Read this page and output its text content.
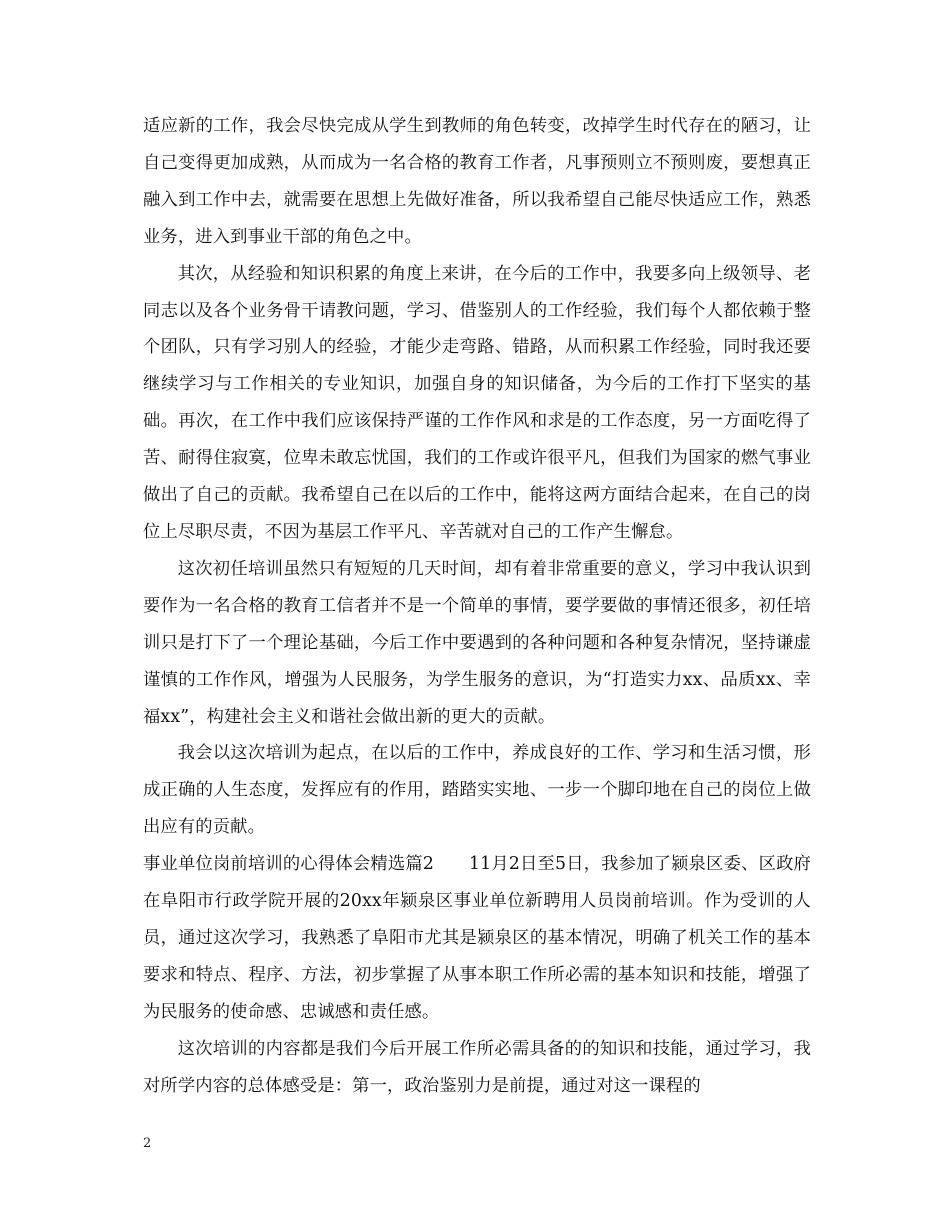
适应新的工作，我会尽快完成从学生到教师的角色转变，改掉学生时代存在的陋习，让自己变得更加成熟，从而成为一名合格的教育工作者，凡事预则立不预则废，要想真正融入到工作中去，就需要在思想上先做好准备，所以我希望自己能尽快适应工作，熟悉业务，进入到事业干部的角色之中。

其次，从经验和知识积累的角度上来讲，在今后的工作中，我要多向上级领导、老同志以及各个业务骨干请教问题，学习、借鉴别人的工作经验，我们每个人都依赖于整个团队，只有学习别人的经验，才能少走弯路、错路，从而积累工作经验，同时我还要继续学习与工作相关的专业知识，加强自身的知识储备，为今后的工作打下坚实的基础。再次，在工作中我们应该保持严谨的工作作风和求是的工作态度，另一方面吃得了苦、耐得住寂寞，位卑未敢忘忧国，我们的工作或许很平凡，但我们为国家的燃气事业做出了自己的贡献。我希望自己在以后的工作中，能将这两方面结合起来，在自己的岗位上尽职尽责，不因为基层工作平凡、辛苦就对自己的工作产生懈怠。

这次初任培训虽然只有短短的几天时间，却有着非常重要的意义，学习中我认识到要作为一名合格的教育工信者并不是一个简单的事情，要学要做的事情还很多，初任培训只是打下了一个理论基础，今后工作中要遇到的各种问题和各种复杂情况，坚持谦虚谨慎的工作作风，增强为人民服务，为学生服务的意识，为“打造实力xx、品质xx、幸福xx”，构建社会主义和谐社会做出新的更大的贡献。

我会以这次培训为起点，在以后的工作中，养成良好的工作、学习和生活习惯，形成正确的人生态度，发挥应有的作用，踏踏实实地、一步一个脚印地在自己的岗位上做出应有的贡献。

事业单位岗前培训的心得体会精选篇2　　11月2日至5日，我参加了颍泉区委、区政府在阜阳市行政学院开展的20xx年颍泉区事业单位新聘用人员岗前培训。作为受训的人员，通过这次学习，我熟悉了阜阳市尤其是颍泉区的基本情况，明确了机关工作的基本要求和特点、程序、方法，初步掌握了从事本职工作所必需的基本知识和技能，增强了为民服务的使命感、忠诚感和责任感。

这次培训的内容都是我们今后开展工作所必需具备的的知识和技能，通过学习，我对所学内容的总体感受是：第一，政治鉴别力是前提，通过对这一课程的

2
